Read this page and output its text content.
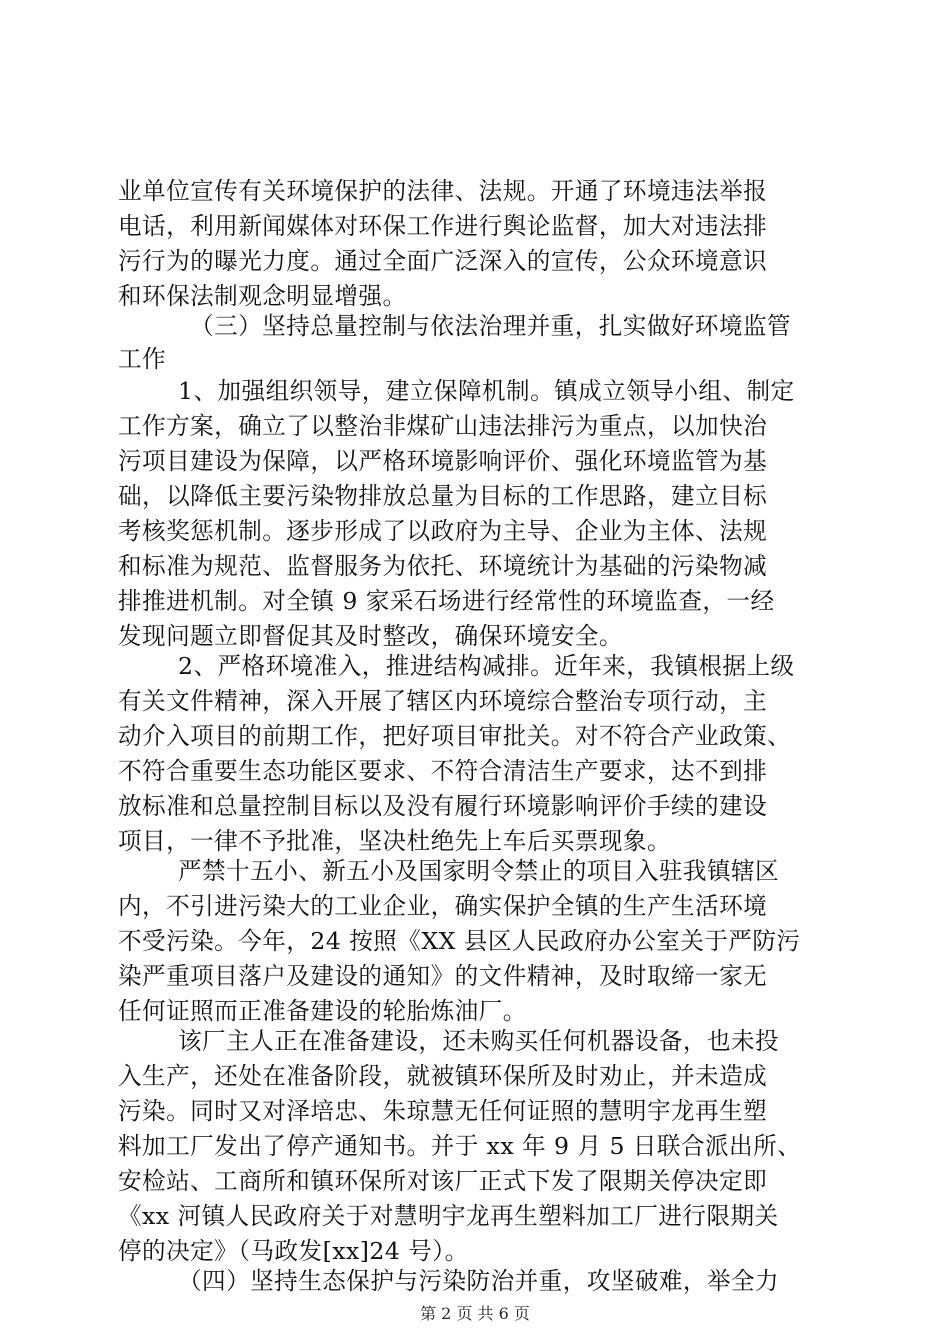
业单位宣传有关环境保护的法律、法规。开通了环境违法举报
电话，利用新闻媒体对环保工作进行舆论监督，加大对违法排
污行为的曝光力度。通过全面广泛深入的宣传，公众环境意识
和环保法制观念明显增强。
（三）坚持总量控制与依法治理并重，扎实做好环境监管
工作
1、加强组织领导，建立保障机制。镇成立领导小组、制定
工作方案，确立了以整治非煤矿山违法排污为重点，以加快治
污项目建设为保障，以严格环境影响评价、强化环境监管为基
础，以降低主要污染物排放总量为目标的工作思路，建立目标
考核奖惩机制。逐步形成了以政府为主导、企业为主体、法规
和标准为规范、监督服务为依托、环境统计为基础的污染物减
排推进机制。对全镇 9 家采石场进行经常性的环境监查，一经
发现问题立即督促其及时整改，确保环境安全。
2、严格环境准入，推进结构减排。近年来，我镇根据上级
有关文件精神，深入开展了辖区内环境综合整治专项行动，主
动介入项目的前期工作，把好项目审批关。对不符合产业政策、
不符合重要生态功能区要求、不符合清洁生产要求，达不到排
放标准和总量控制目标以及没有履行环境影响评价手续的建设
项目，一律不予批准，坚决杜绝先上车后买票现象。
严禁十五小、新五小及国家明令禁止的项目入驻我镇辖区
内，不引进污染大的工业企业，确实保护全镇的生产生活环境
不受污染。今年，24 按照《XX 县区人民政府办公室关于严防污
染严重项目落户及建设的通知》的文件精神，及时取缔一家无
任何证照而正准备建设的轮胎炼油厂。
该厂主人正在准备建设，还未购买任何机器设备，也未投
入生产，还处在准备阶段，就被镇环保所及时劝止，并未造成
污染。同时又对泽培忠、朱琼慧无任何证照的慧明宇龙再生塑
料加工厂发出了停产通知书。并于 xx 年 9 月 5 日联合派出所、
安检站、工商所和镇环保所对该厂正式下发了限期关停决定即
《xx 河镇人民政府关于对慧明宇龙再生塑料加工厂进行限期关
停的决定》（马政发[xx]24 号）。
（四）坚持生态保护与污染防治并重，攻坚破难，举全力
第 2 页 共 6 页
